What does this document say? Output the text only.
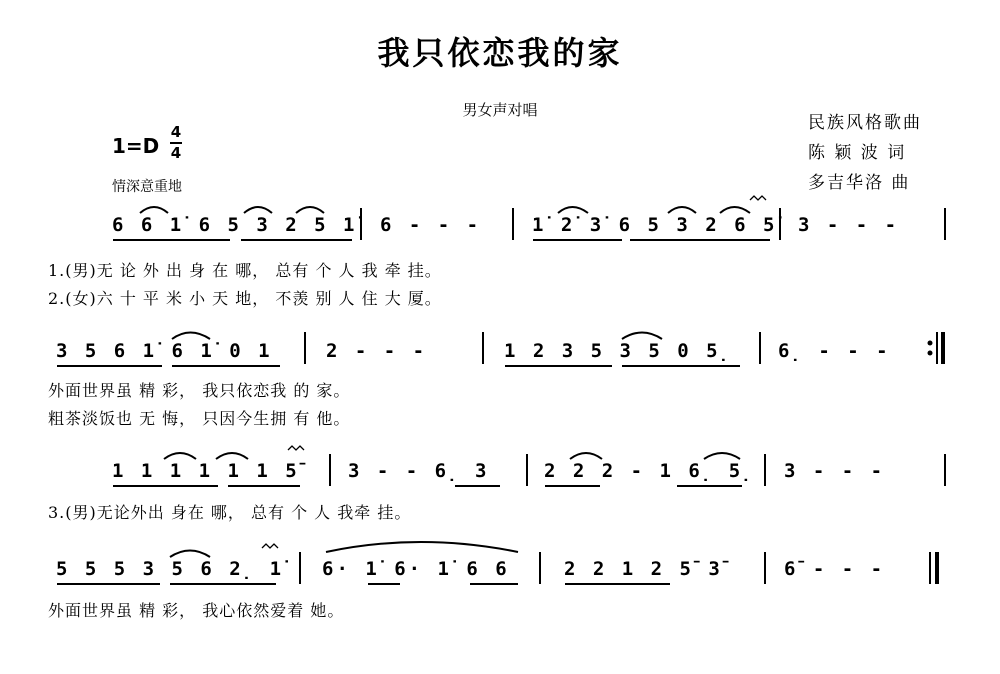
我只依恋我的家
男女声对唱
民族风格歌曲
陈 颖 波 词
多吉华洛 曲
1=D
4
4
情深意重地
6 6 1̇ 6 5 3 2 5 1̇ 6 - - -	1̇ 2̇ 3̇ 6 5 3 2 6 5̇ 3 - - -
1.(男)无 论 外 出 身 在 哪， 总有 个 人 我 牵 挂。
2.(女)六 十 平 米 小 天 地， 不羡 别 人 住 大 厦。
3 5 6 1̇ 6 1̇ 0 1	2 - - -	1 2 3 5 3 5 0 5̣ 6̣ - - -
外面世界虽 精 彩， 我只依恋我 的 家。
粗茶淡饭也 无 悔， 只因今生拥 有 他。
1 1 1 1 1 1 5̄	3 - - 6̣ 3	2 2 2 - 1 6̣ 5̣ 3 - - -
3.(男)无论外出 身在 哪， 总有 个 人 我牵 挂。
5 5 5 3 5 6 2̣ 1̇ 6· 1̇ 6· 1̇ 6 6	2 2 1 2 5̄ 3̄	6̄ - - -
外面世界虽 精 彩， 我心依然爱着 她。
